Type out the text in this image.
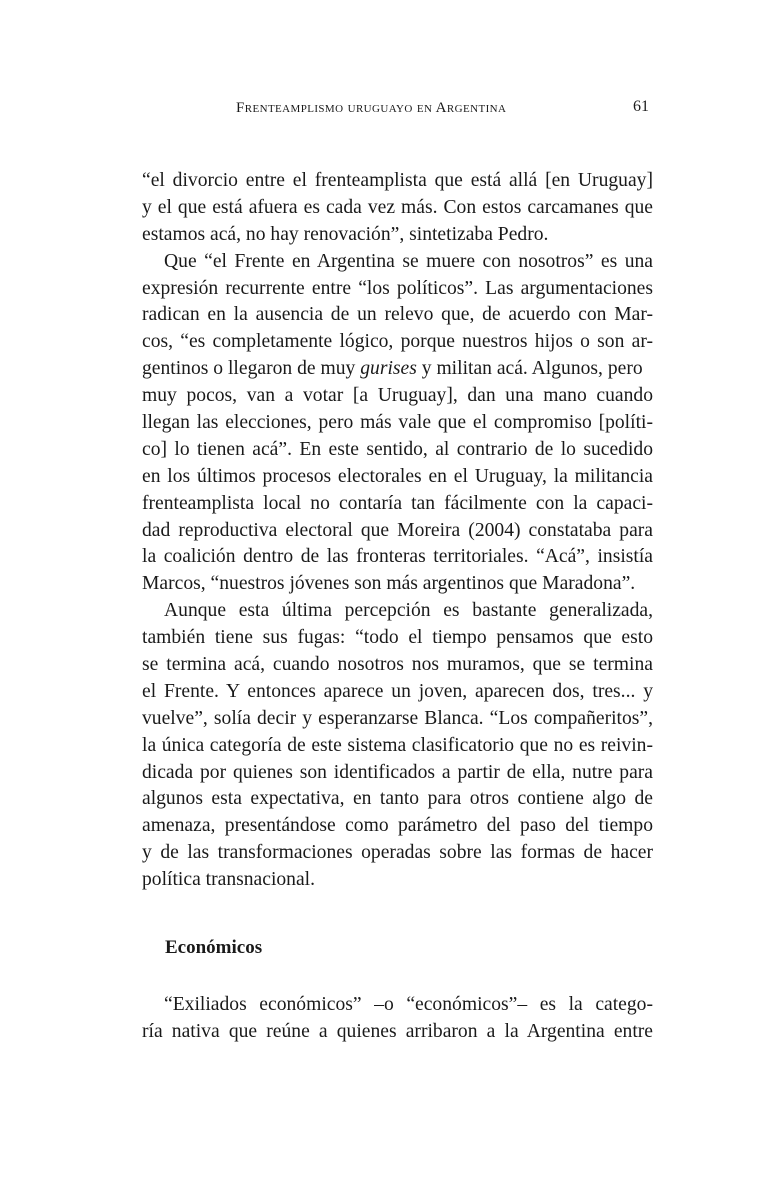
Frenteamplismo uruguayo en Argentina	61
“el divorcio entre el frenteamplista que está allá [en Uruguay]
y el que está afuera es cada vez más. Con estos carcamanes que
estamos acá, no hay renovación”, sintetizaba Pedro.
Que “el Frente en Argentina se muere con nosotros” es una
expresión recurrente entre “los políticos”. Las argumentaciones
radican en la ausencia de un relevo que, de acuerdo con Mar-
cos, “es completamente lógico, porque nuestros hijos o son ar-
gentinos o llegaron de muy gurises y militan acá. Algunos, pero
muy pocos, van a votar [a Uruguay], dan una mano cuando
llegan las elecciones, pero más vale que el compromiso [políti-
co] lo tienen acá”. En este sentido, al contrario de lo sucedido
en los últimos procesos electorales en el Uruguay, la militancia
frenteamplista local no contaría tan fácilmente con la capaci-
dad reproductiva electoral que Moreira (2004) constataba para
la coalición dentro de las fronteras territoriales. “Acá”, insistía
Marcos, “nuestros jóvenes son más argentinos que Maradona”.
Aunque esta última percepción es bastante generalizada,
también tiene sus fugas: “todo el tiempo pensamos que esto
se termina acá, cuando nosotros nos muramos, que se termina
el Frente. Y entonces aparece un joven, aparecen dos, tres... y
vuelve”, solía decir y esperanzarse Blanca. “Los compañeritos”,
la única categoría de este sistema clasificatorio que no es reivin-
dicada por quienes son identificados a partir de ella, nutre para
algunos esta expectativa, en tanto para otros contiene algo de
amenaza, presentándose como parámetro del paso del tiempo
y de las transformaciones operadas sobre las formas de hacer
política transnacional.
Económicos
“Exiliados económicos” –o “económicos”– es la catego-
ría nativa que reúne a quienes arribaron a la Argentina entre
